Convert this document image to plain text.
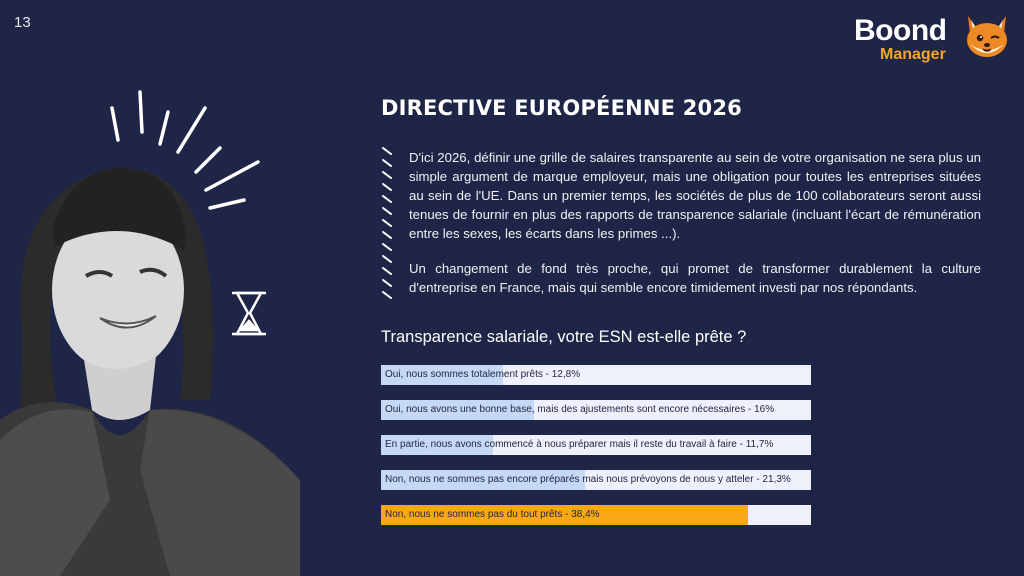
13	Boond
Manager
DIRECTIVE EUROPÉENNE 2026

D'ici 2026, définir une grille de salaires transparente au sein de votre organisation ne sera plus un simple argument de marque employeur, mais une obligation pour toutes les entreprises situées au sein de l'UE. Dans un premier temps, les sociétés de plus de 100 collaborateurs seront aussi tenues de fournir en plus des rapports de transparence salariale (incluant l'écart de rémunération entre les sexes, les écarts dans les primes ...).

Un changement de fond très proche, qui promet de transformer durablement la culture d'entreprise en France, mais qui semble encore timidement investi par nos répondants.

Transparence salariale, votre ESN est-elle prête ?
Oui, nous sommes totalement prêts - 12,8%
Oui, nous avons une bonne base, mais des ajustements sont encore nécessaires - 16%
En partie, nous avons commencé à nous préparer mais il reste du travail à faire - 11,7%
Non, nous ne sommes pas encore préparés mais nous prévoyons de nous y atteler - 21,3%
Non, nous ne sommes pas du tout prêts - 38,4%
